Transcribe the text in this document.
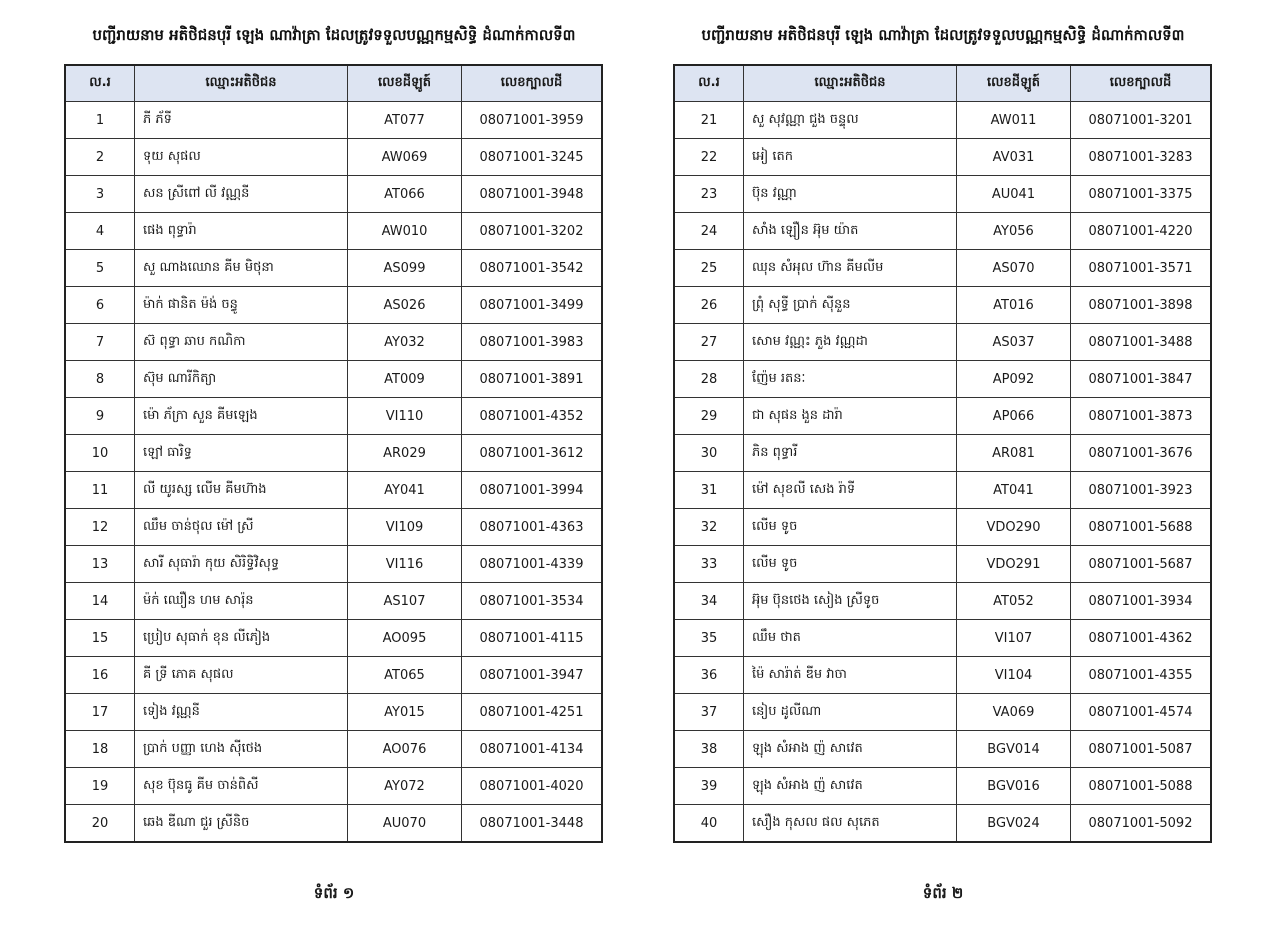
បញ្ជីរាយនាម អតិថិជនបុរី ឡេង ណាវ៉ាត្រា ដែលត្រូវទទួលបណ្ណកម្មសិទ្ធិ ដំណាក់កាលទី៣
ល.រ	ឈ្មោះអតិថិជន	លេខដីឡូត៍	លេខក្បាលដី
1	ភី ភ័ទី	AT077	08071001-3959
2	ទុយ សុផល	AW069	08071001-3245
3	សន ស្រីពៅ លី វណ្ណនី	AT066	08071001-3948
4	ផេង ពុទ្ធារ៉ា	AW010	08071001-3202
5	សួ ណាងឈោន គីម មិថុនា	AS099	08071001-3542
6	ម៉ាក់ ផានិត ម៉ង់ ចន្ធូ	AS026	08071001-3499
7	ស៊ ពុទ្ធា ឆាប កណិកា	AY032	08071001-3983
8	ស៊ុម ណារីកិត្យា	AT009	08071001-3891
9	ម៉ោ ភ័ក្រា សួន គីមឡេង	VI110	08071001-4352
10	ឡៅ ធារិទ្ធ	AR029	08071001-3612
11	លី យូរស្ស លើម គីមហ៊ាង	AY041	08071001-3994
12	ឈឹម ចាន់ថុល ម៉ៅ ស្រី	VI109	08071001-4363
13	សារី សុធារ៉ា កុយ សិរិទ្ធិវិសុទ្ធ	VI116	08071001-4339
14	ម៉ក់ ឈឿន ហម សារ៉ុន	AS107	08071001-3534
15	ប្រៀប សុធាក់ ខុន លីភៀង	AO095	08071001-4115
16	គី ទ្រី ភោគ សុផល	AT065	08071001-3947
17	ទៀង វណ្ណនី	AY015	08071001-4251
18	ប្រាក់ បញ្ញា ហេង ស៊ីថេង	AO076	08071001-4134
19	សុខ ប៊ុនធូ គីម ចាន់ពិសី	AY072	08071001-4020
20	ឆេង ឌីណា ជួរ ស្រីនិច	AU070	08071001-3448
ទំព័រ ១
បញ្ជីរាយនាម អតិថិជនបុរី ឡេង ណាវ៉ាត្រា ដែលត្រូវទទួលបណ្ណកម្មសិទ្ធិ ដំណាក់កាលទី៣
ល.រ	ឈ្មោះអតិថិជន	លេខដីឡូត៍	លេខក្បាលដី
21	សួ សុវណ្ណា ជួង ចន្ទុល	AW011	08071001-3201
22	អៀ តេក	AV031	08071001-3283
23	ប៊ុន វណ្ណា	AU041	08071001-3375
24	សាំង ឡឿន អ៊ុម យ៉ាត	AY056	08071001-4220
25	ឈុន សំអុល ហ៊ាន គីមលីម	AS070	08071001-3571
26	ព្រុំ សុទ្ធី ប្រាក់ ស៊ីនួន	AT016	08071001-3898
27	សោម វណ្ណះ ភួង វណ្ណដា	AS037	08071001-3488
28	ញ៉ែម រតនៈ	AP092	08071001-3847
29	ជា សុផន ងួន ដារ៉ា	AP066	08071001-3873
30	ភិន ពុទ្ធារី	AR081	08071001-3676
31	ម៉ៅ សុខលី សេង រ៉ាទី	AT041	08071001-3923
32	លើម ទូច	VDO290	08071001-5688
33	លើម ទូច	VDO291	08071001-5687
34	អ៊ុម ប៊ុនថេង សៀង ស្រីទូច	AT052	08071001-3934
35	ឈឹម ថាត	VI107	08071001-4362
36	ម៉ៃ សារ៉ាត់ ឌីម វាចា	VI104	08071001-4355
37	នៀប ដូលីណា	VA069	08071001-4574
38	ឡុង សំអាង ញ៉ សាវេត	BGV014	08071001-5087
39	ឡុង សំអាង ញ៉ សាវេត	BGV016	08071001-5088
40	សឿង កុសល ផល សុភេត	BGV024	08071001-5092
ទំព័រ ២
